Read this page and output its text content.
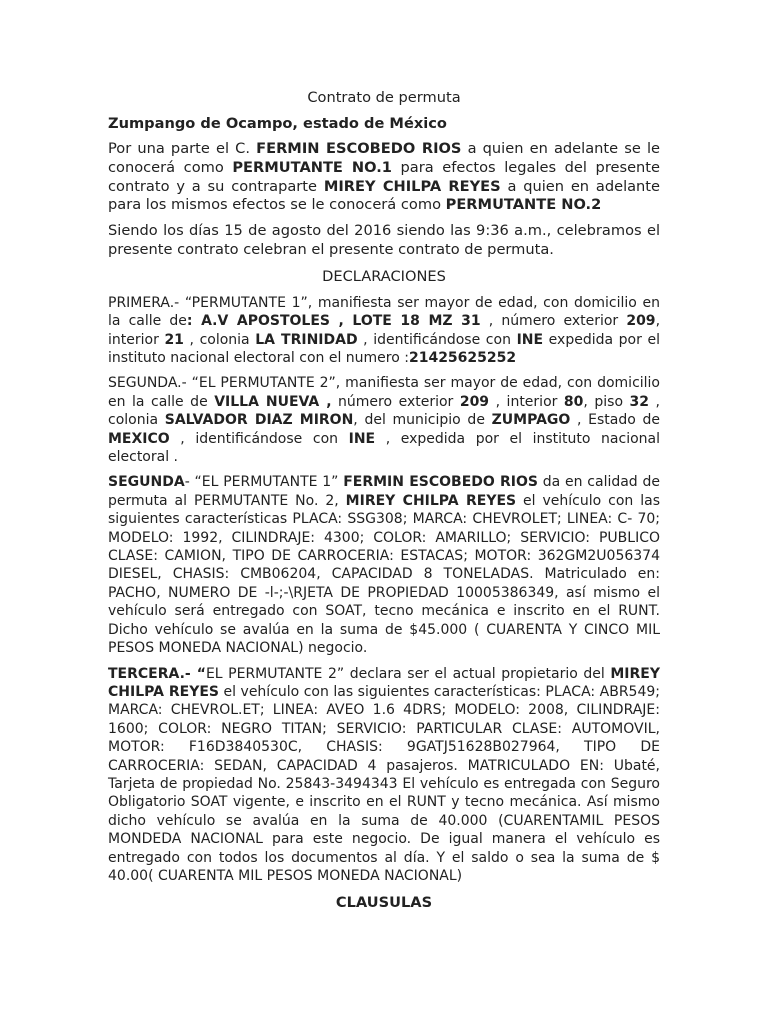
Contrato de permuta
Zumpango de Ocampo, estado de México

Por una parte el C. FERMIN ESCOBEDO RIOS a quien en adelante se le conocerá como PERMUTANTE NO.1 para efectos legales del presente contrato y a su contraparte MIREY CHILPA REYES a quien en adelante para los mismos efectos se le conocerá como PERMUTANTE NO.2

Siendo los días 15 de agosto del 2016 siendo las 9:36 a.m., celebramos el presente contrato celebran el presente contrato de permuta.

DECLARACIONES

PRIMERA.- “PERMUTANTE 1”, manifiesta ser mayor de edad, con domicilio en la calle de: A.V APOSTOLES , LOTE 18 MZ 31 , número exterior 209, interior 21 , colonia LA TRINIDAD , identificándose con INE expedida por el instituto nacional electoral con el numero :21425625252

SEGUNDA.- “EL PERMUTANTE 2”, manifiesta ser mayor de edad, con domicilio en la calle de VILLA NUEVA , número exterior 209 , interior 80, piso 32 , colonia SALVADOR DIAZ MIRON, del municipio de ZUMPAGO , Estado de MEXICO , identificándose con INE , expedida por el instituto nacional electoral .

SEGUNDA- “EL PERMUTANTE 1” FERMIN ESCOBEDO RIOS da en calidad de permuta al PERMUTANTE No. 2, MIREY CHILPA REYES el vehículo con las siguientes características PLACA: SSG308; MARCA: CHEVROLET; LINEA: C- 70; MODELO: 1992, CILINDRAJE: 4300; COLOR: AMARILLO; SERVICIO: PUBLICO CLASE: CAMION, TIPO DE CARROCERIA: ESTACAS; MOTOR: 362GM2U056374 DIESEL, CHASIS: CMB06204, CAPACIDAD 8 TONELADAS. Matriculado en: PACHO, NUMERO DE -l-;-\RJETA DE PROPIEDAD 10005386349, así mismo el vehículo será entregado con SOAT, tecno mecánica e inscrito en el RUNT. Dicho vehículo se avalúa en la suma de $45.000 ( CUARENTA Y CINCO MIL PESOS MONEDA NACIONAL) negocio.

TERCERA.- “EL PERMUTANTE 2” declara ser el actual propietario del MIREY CHILPA REYES el vehículo con las siguientes características: PLACA: ABR549; MARCA: CHEVROL.ET; LINEA: AVEO 1.6 4DRS; MODELO: 2008, CILINDRAJE: 1600; COLOR: NEGRO TITAN; SERVICIO: PARTICULAR CLASE: AUTOMOVIL, MOTOR: F16D3840530C, CHASIS: 9GATJ51628B027964, TIPO DE CARROCERIA: SEDAN, CAPACIDAD 4 pasajeros. MATRICULADO EN: Ubaté, Tarjeta de propiedad No. 25843-3494343 El vehículo es entregada con Seguro Obligatorio SOAT vigente, e inscrito en el RUNT y tecno mecánica. Así mismo dicho vehículo se avalúa en la suma de 40.000 (CUARENTAMIL PESOS MONDEDA NACIONAL para este negocio. De igual manera el vehículo es entregado con todos los documentos al día. Y el saldo o sea la suma de $ 40.00( CUARENTA MIL PESOS MONEDA NACIONAL)

CLAUSULAS
